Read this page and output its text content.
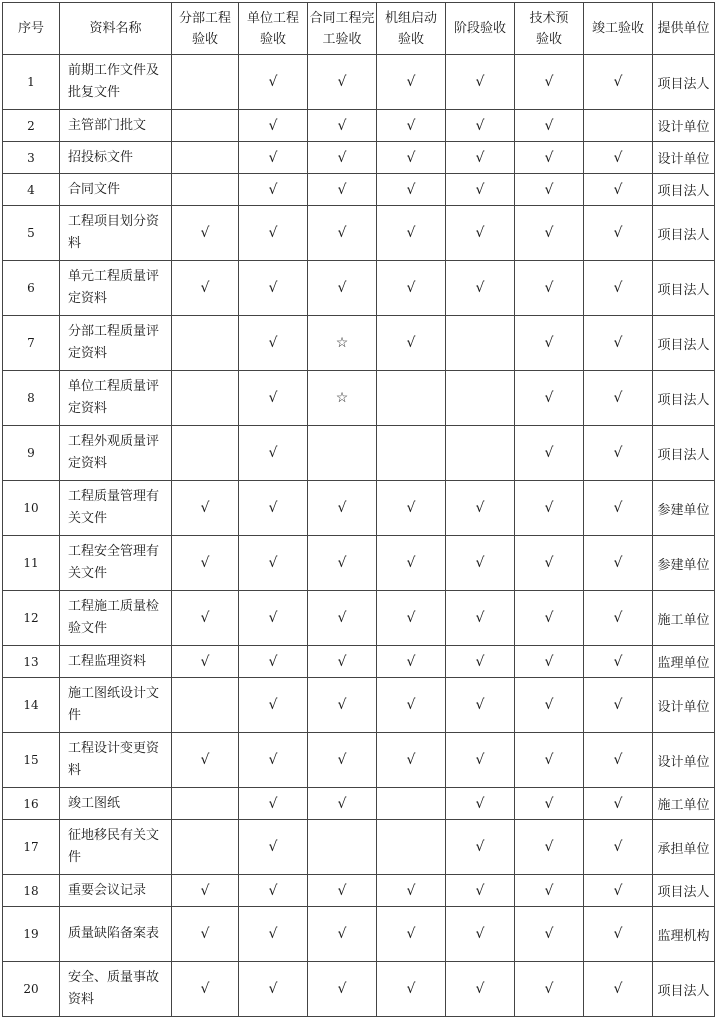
序号	资料名称	分部工程验收	单位工程验收	合同工程完工验收	机组启动验收	阶段验收	技术预验收	竣工验收	提供单位
1	前期工作文件及批复文件		√	√	√	√	√	√	项目法人
2	主管部门批文		√	√	√	√	√		设计单位
3	招投标文件		√	√	√	√	√	√	设计单位
4	合同文件		√	√	√	√	√	√	项目法人
5	工程项目划分资料	√	√	√	√	√	√	√	项目法人
6	单元工程质量评定资料	√	√	√	√	√	√	√	项目法人
7	分部工程质量评定资料		√	☆	√		√	√	项目法人
8	单位工程质量评定资料		√	☆			√	√	项目法人
9	工程外观质量评定资料		√				√	√	项目法人
10	工程质量管理有关文件	√	√	√	√	√	√	√	参建单位
11	工程安全管理有关文件	√	√	√	√	√	√	√	参建单位
12	工程施工质量检验文件	√	√	√	√	√	√	√	施工单位
13	工程监理资料	√	√	√	√	√	√	√	监理单位
14	施工图纸设计文件		√	√	√	√	√	√	设计单位
15	工程设计变更资料	√	√	√	√	√	√	√	设计单位
16	竣工图纸		√	√		√	√	√	施工单位
17	征地移民有关文件		√			√	√	√	承担单位
18	重要会议记录	√	√	√	√	√	√	√	项目法人
19	质量缺陷备案表	√	√	√	√	√	√	√	监理机构
20	安全、质量事故资料	√	√	√	√	√	√	√	项目法人
